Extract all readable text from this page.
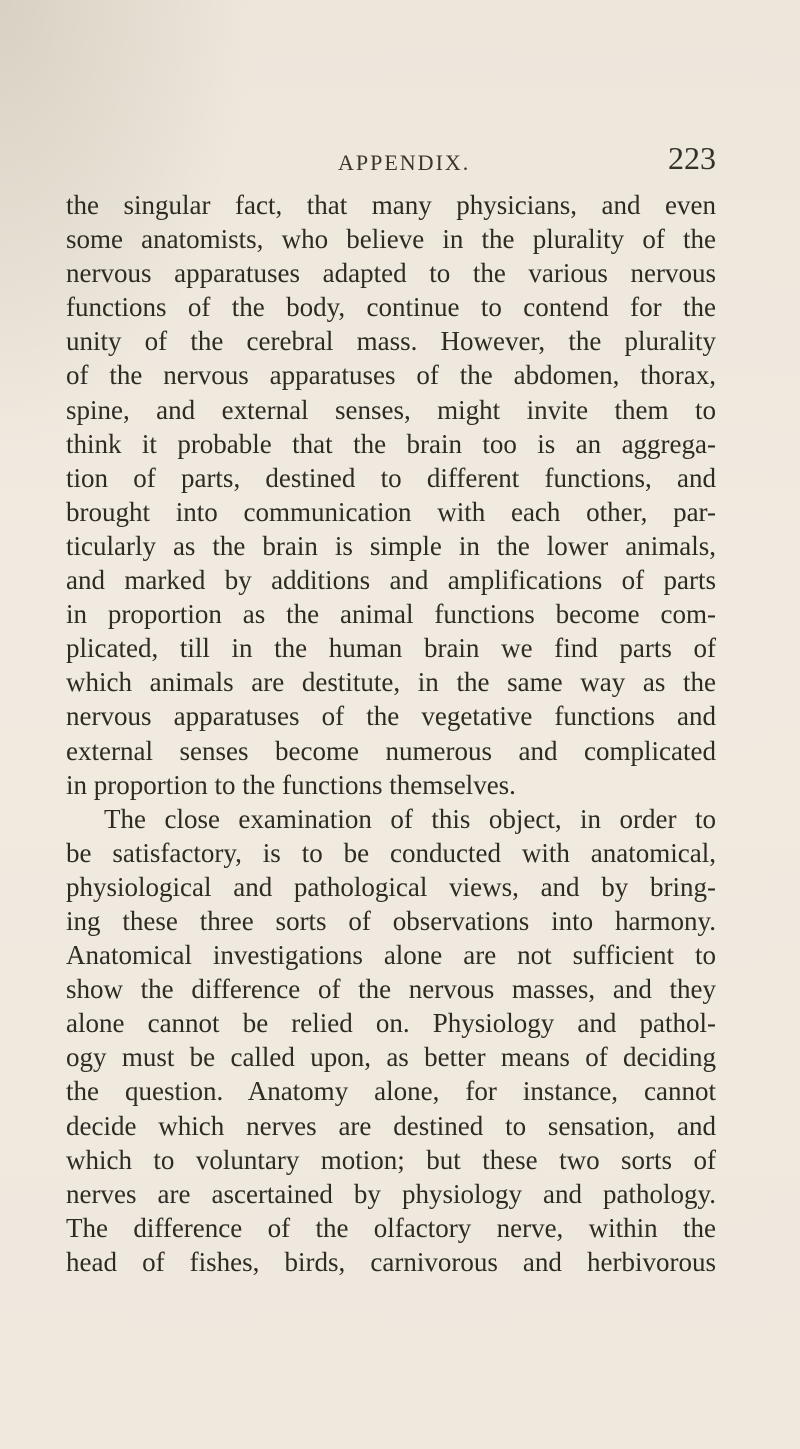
APPENDIX.	223
the singular fact, that many physicians, and even
some anatomists, who believe in the plurality of the
nervous apparatuses adapted to the various nervous
functions of the body, continue to contend for the
unity of the cerebral mass. However, the plurality
of the nervous apparatuses of the abdomen, thorax,
spine, and external senses, might invite them to
think it probable that the brain too is an aggrega-
tion of parts, destined to different functions, and
brought into communication with each other, par-
ticularly as the brain is simple in the lower animals,
and marked by additions and amplifications of parts
in proportion as the animal functions become com-
plicated, till in the human brain we find parts of
which animals are destitute, in the same way as the
nervous apparatuses of the vegetative functions and
external senses become numerous and complicated
in proportion to the functions themselves.
The close examination of this object, in order to
be satisfactory, is to be conducted with anatomical,
physiological and pathological views, and by bring-
ing these three sorts of observations into harmony.
Anatomical investigations alone are not sufficient to
show the difference of the nervous masses, and they
alone cannot be relied on. Physiology and pathol-
ogy must be called upon, as better means of deciding
the question. Anatomy alone, for instance, cannot
decide which nerves are destined to sensation, and
which to voluntary motion; but these two sorts of
nerves are ascertained by physiology and pathology.
The difference of the olfactory nerve, within the
head of fishes, birds, carnivorous and herbivorous
